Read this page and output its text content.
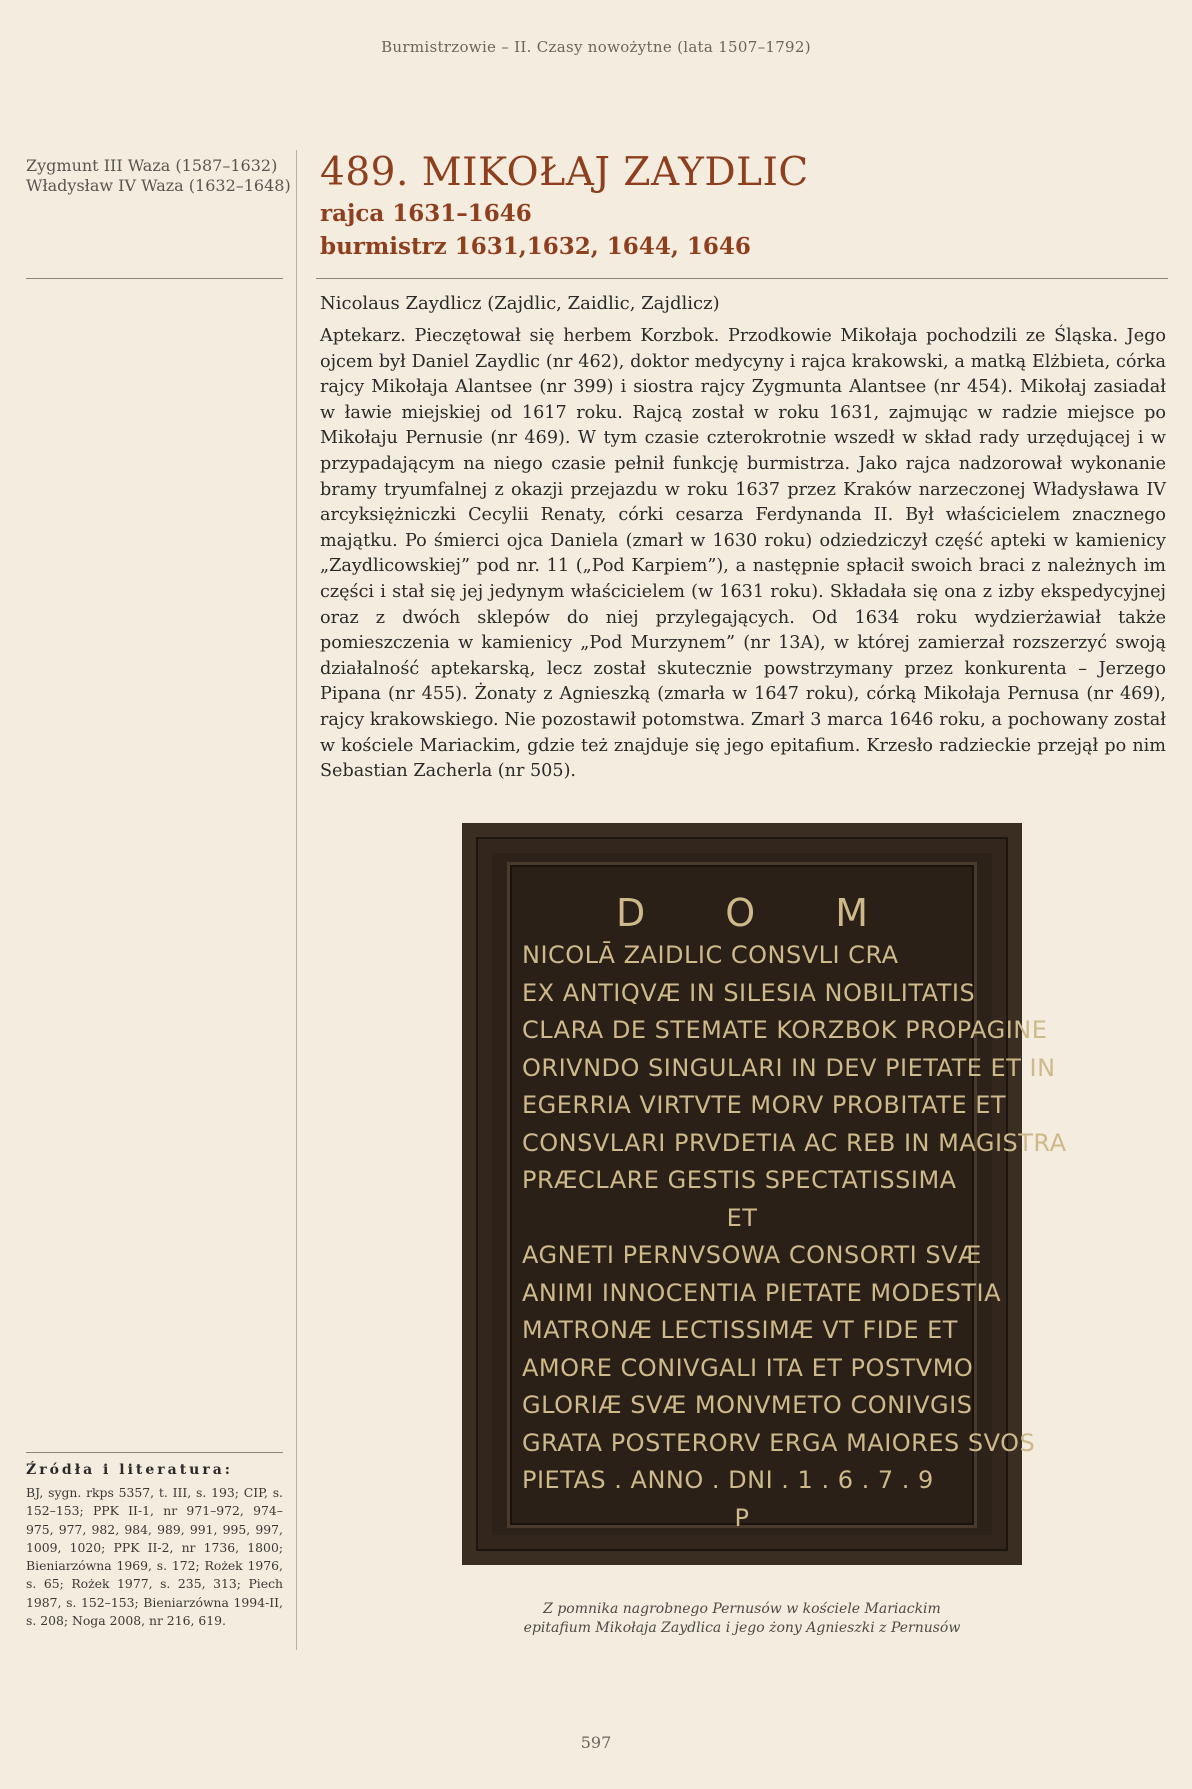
Burmistrzowie – II. Czasy nowożytne (lata 1507–1792)
Zygmunt III Waza (1587–1632)
Władysław IV Waza (1632–1648) 489. MIKOŁAJ ZAYDLIC
rajca 1631–1646
burmistrz 1631,1632, 1644, 1646
Nicolaus Zaydlicz (Zajdlic, Zaidlic, Zajdlicz)
Aptekarz. Pieczętował się herbem Korzbok. Przodkowie Mikołaja pochodzili ze Śląska. Jego ojcem był Daniel Zaydlic (nr 462), doktor medycyny i rajca krakowski, a matką Elżbieta, córka rajcy Mikołaja Alantsee (nr 399) i siostra rajcy Zygmunta Alantsee (nr 454). Mikołaj zasiadał w ławie miejskiej od 1617 roku. Rajcą został w roku 1631, zajmując w radzie miejsce po Mikołaju Pernusie (nr 469). W tym czasie czterokrotnie wszedł w skład rady urzędującej i w przypadającym na niego czasie pełnił funkcję burmistrza. Jako rajca nadzorował wykonanie bramy tryumfalnej z okazji przejazdu w roku 1637 przez Kraków narzeczonej Władysława IV arcyksiężniczki Cecylii Renaty, córki cesarza Ferdynanda II. Był właścicielem znacznego majątku. Po śmierci ojca Daniela (zmarł w 1630 roku) odziedziczył część apteki w kamienicy „Zaydlicowskiej” pod nr. 11 („Pod Karpiem”), a następnie spłacił swoich braci z należnych im części i stał się jej jedynym właścicielem (w 1631 roku). Składała się ona z izby ekspedycyjnej oraz z dwóch sklepów do niej przylegających. Od 1634 roku wydzierżawiał także pomieszczenia w kamienicy „Pod Murzynem” (nr 13A), w której zamierzał rozszerzyć swoją działalność aptekarską, lecz został skutecznie powstrzymany przez konkurenta – Jerzego Pipana (nr 455). Żonaty z Agnieszką (zmarła w 1647 roku), córką Mikołaja Pernusa (nr 469), rajcy krakowskiego. Nie pozostawił potomstwa. Zmarł 3 marca 1646 roku, a pochowany został w kościele Mariackim, gdzie też znajduje się jego epitafium. Krzesło radzieckie przejął po nim Sebastian Zacherla (nr 505).
D O M
NICOLĀ ZAIDLIC CONSVLI CRA
EX ANTIQVÆ IN SILESIA NOBILITATIS
CLARA DE STEMATE KORZBOK PROPAGINE
ORIVNDO SINGULARI IN DEV PIETATE ET IN
EGERRIA VIRTVTE MORV PROBITATE ET
CONSVLARI PRVDETIA AC REB IN MAGISTRA
PRÆCLARE GESTIS SPECTATISSIMA
ET
AGNETI PERNVSOWA CONSORTI SVÆ
ANIMI INNOCENTIA PIETATE MODESTIA
MATRONÆ LECTISSIMÆ VT FIDE ET
AMORE CONIVGALI ITA ET POSTVMO
GLORIÆ SVÆ MONVMETO CONIVGIS
GRATA POSTERORV ERGA MAIORES SVOS
PIETAS . ANNO . DNI . 1 . 6 . 7 . 9
P
Z pomnika nagrobnego Pernusów w kościele Mariackim
epitafium Mikołaja Zaydlica i jego żony Agnieszki z Pernusów
Źródła i literatura:
BJ, sygn. rkps 5357, t. III, s. 193; CIP, s. 152–153; PPK II-1, nr 971–972, 974–975, 977, 982, 984, 989, 991, 995, 997, 1009, 1020; PPK II-2, nr 1736, 1800; Bieniarzówna 1969, s. 172; Rożek 1976, s. 65; Rożek 1977, s. 235, 313; Piech 1987, s. 152–153; Bieniarzówna 1994-II, s. 208; Noga 2008, nr 216, 619.
597
